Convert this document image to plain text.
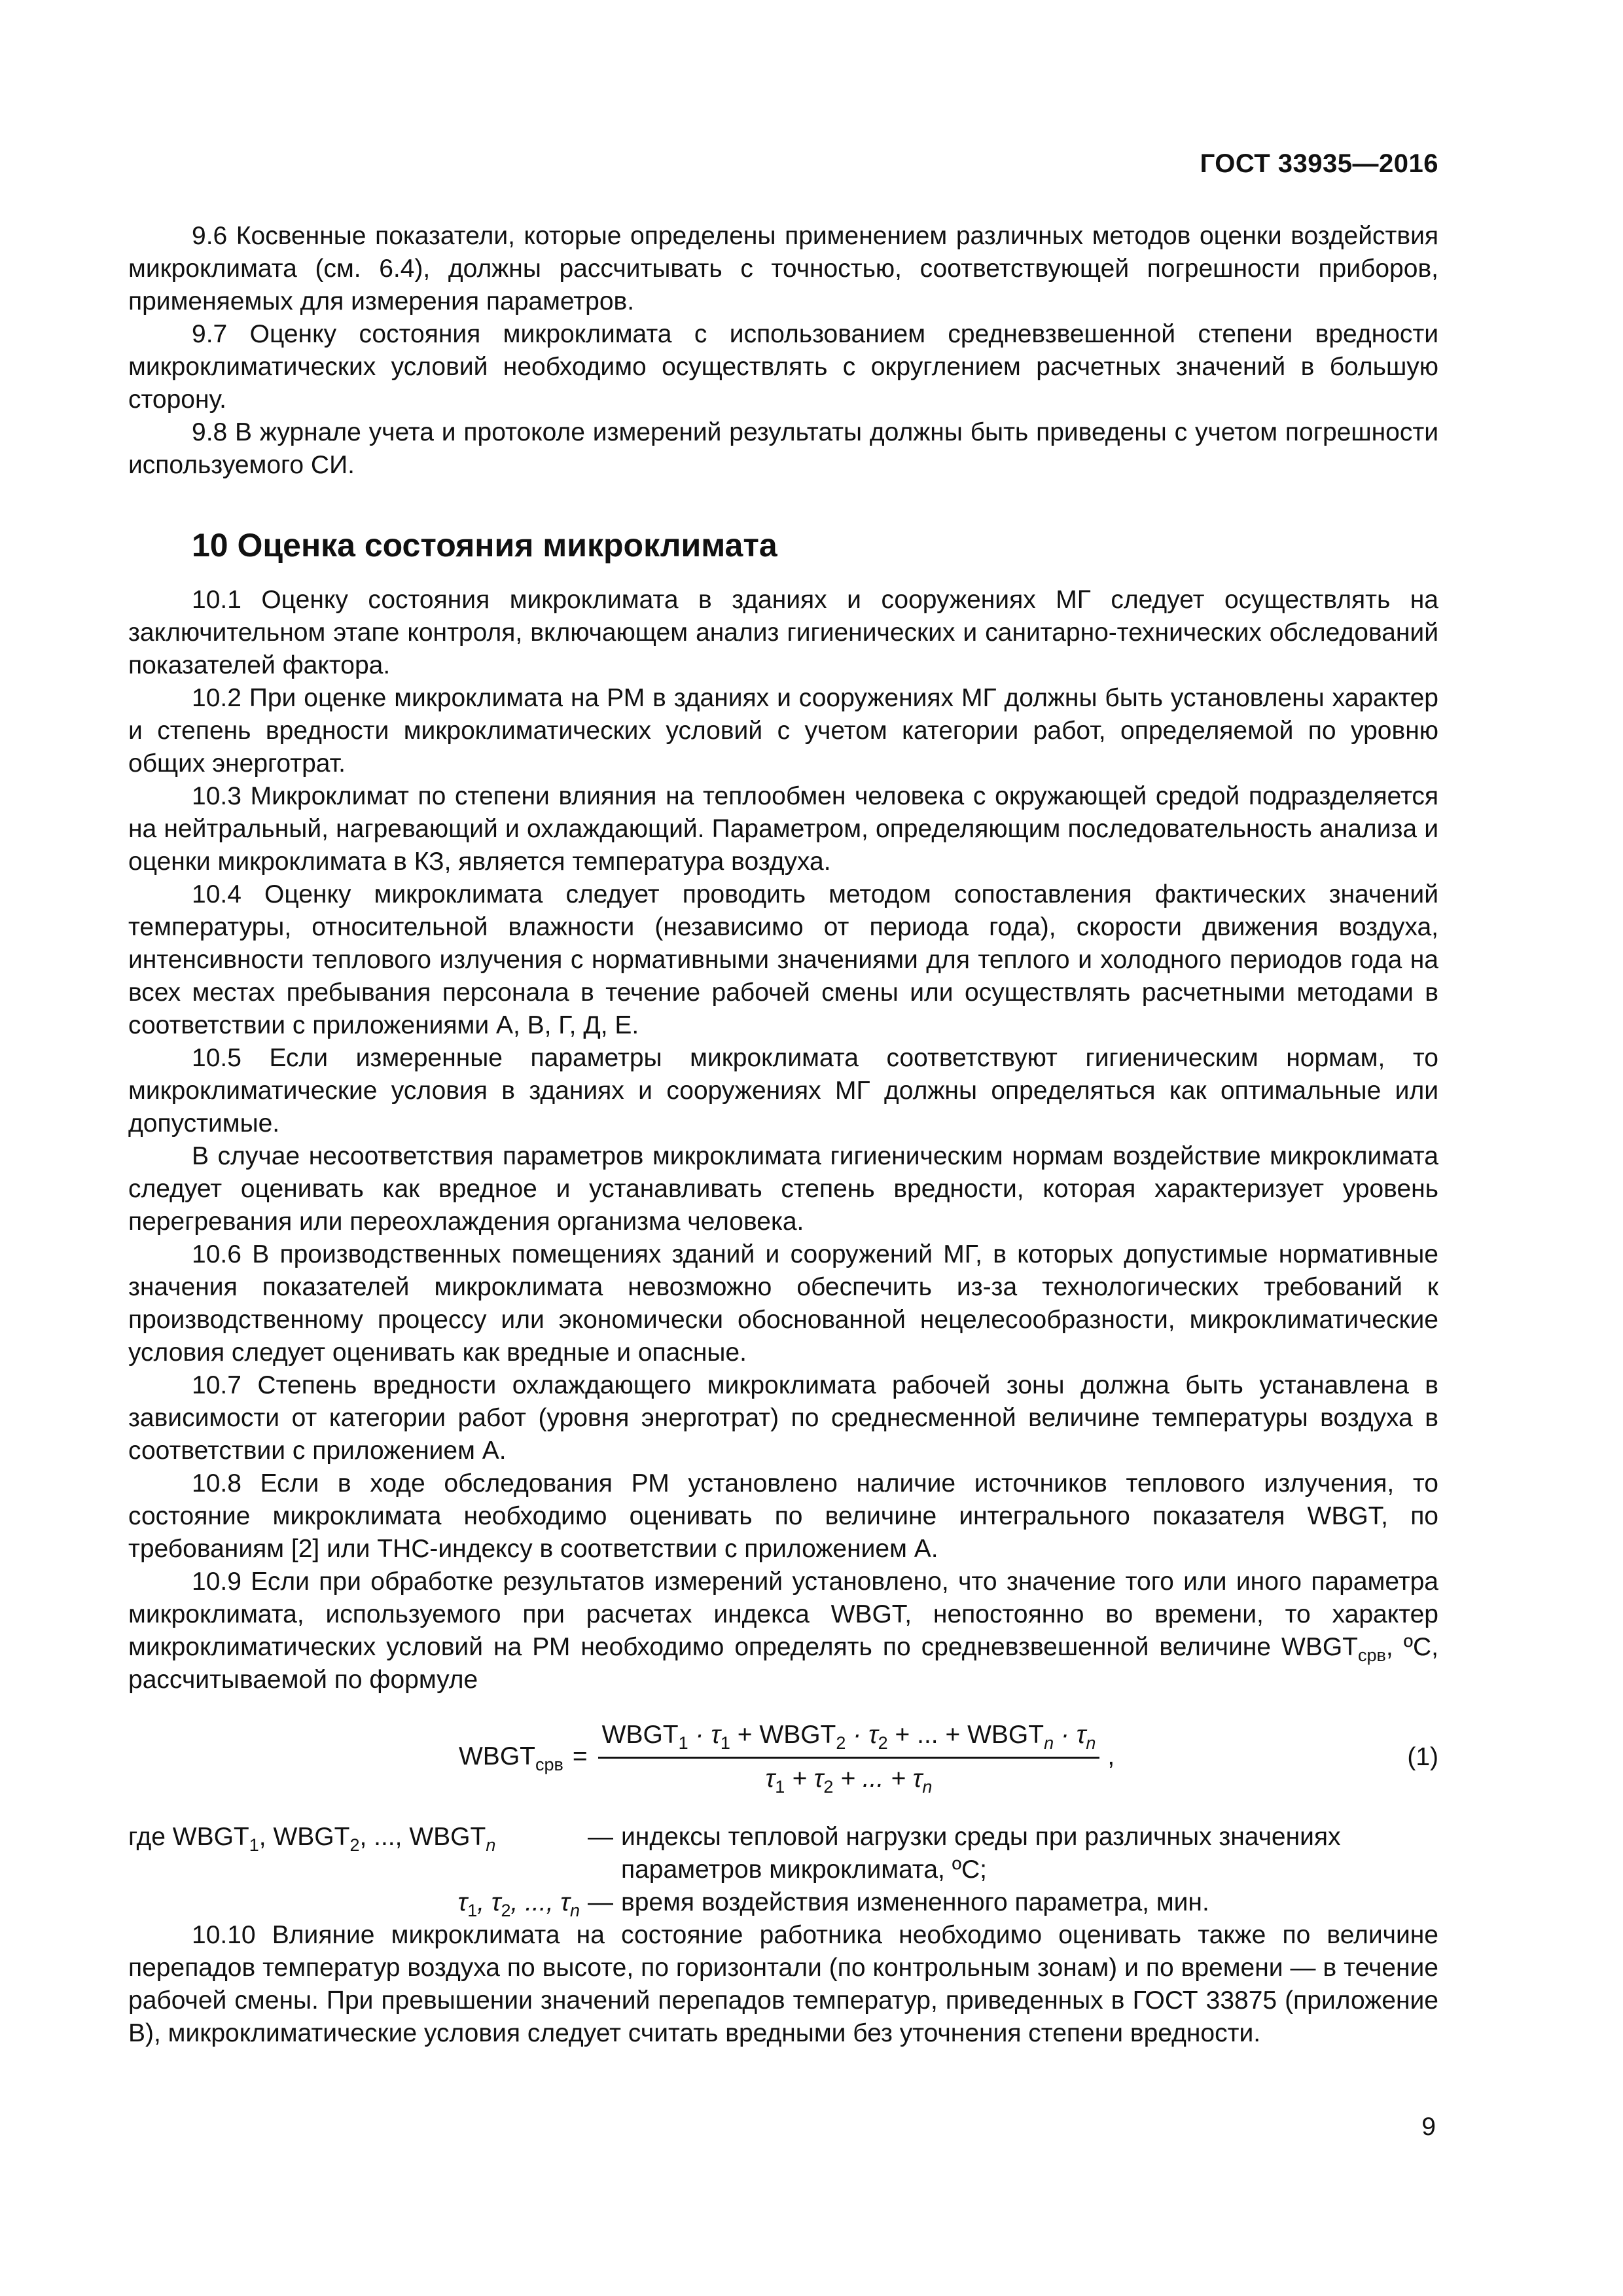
ГОСТ 33935—2016

9.6 Косвенные показатели, которые определены применением различных методов оценки воздействия микроклимата (см. 6.4), должны рассчитывать с точностью, соответствующей погрешности приборов, применяемых для измерения параметров.

9.7 Оценку состояния микроклимата с использованием средневзвешенной степени вредности микроклиматических условий необходимо осуществлять с округлением расчетных значений в большую сторону.

9.8 В журнале учета и протоколе измерений результаты должны быть приведены с учетом погрешности используемого СИ.

10 Оценка состояния микроклимата

10.1 Оценку состояния микроклимата в зданиях и сооружениях МГ следует осуществлять на заключительном этапе контроля, включающем анализ гигиенических и санитарно-технических обследований показателей фактора.

10.2 При оценке микроклимата на РМ в зданиях и сооружениях МГ должны быть установлены характер и степень вредности микроклиматических условий с учетом категории работ, определяемой по уровню общих энерготрат.

10.3 Микроклимат по степени влияния на теплообмен человека с окружающей средой подразделяется на нейтральный, нагревающий и охлаждающий. Параметром, определяющим последовательность анализа и оценки микроклимата в КЗ, является температура воздуха.

10.4 Оценку микроклимата следует проводить методом сопоставления фактических значений температуры, относительной влажности (независимо от периода года), скорости движения воздуха, интенсивности теплового излучения с нормативными значениями для теплого и холодного периодов года на всех местах пребывания персонала в течение рабочей смены или осуществлять расчетными методами в соответствии с приложениями А, В, Г, Д, Е.

10.5 Если измеренные параметры микроклимата соответствуют гигиеническим нормам, то микроклиматические условия в зданиях и сооружениях МГ должны определяться как оптимальные или допустимые.

В случае несоответствия параметров микроклимата гигиеническим нормам воздействие микроклимата следует оценивать как вредное и устанавливать степень вредности, которая характеризует уровень перегревания или переохлаждения организма человека.

10.6 В производственных помещениях зданий и сооружений МГ, в которых допустимые нормативные значения показателей микроклимата невозможно обеспечить из-за технологических требований к производственному процессу или экономически обоснованной нецелесообразности, микроклиматические условия следует оценивать как вредные и опасные.

10.7 Степень вредности охлаждающего микроклимата рабочей зоны должна быть устанавлена в зависимости от категории работ (уровня энерготрат) по среднесменной величине температуры воздуха в соответствии с приложением А.

10.8 Если в ходе обследования РМ установлено наличие источников теплового излучения, то состояние микроклимата необходимо оценивать по величине интегрального показателя WBGT, по требованиям [2] или ТНС-индексу в соответствии с приложением А.

10.9 Если при обработке результатов измерений установлено, что значение того или иного параметра микроклимата, используемого при расчетах индекса WBGT, непостоянно во времени, то характер микроклиматических условий на РМ необходимо определять по средневзвешенной величине $WBGT_{срв}$, ºС, рассчитываемой по формуле

$WBGT_{срв} = \frac{WBGT_1 \cdot \tau_1 + WBGT_2 \cdot \tau_2 + ... + WBGT_n \cdot \tau_n}{\tau_1 + \tau_2 + ... + \tau_n}$ ,	(1)
где $WBGT_1$, $WBGT_2$, ..., $WBGT_n$	— индексы тепловой нагрузки среды при различных значениях параметров микроклимата, ºС;
$\tau_1$, $\tau_2$, ..., $\tau_n$ — время воздействия измененного параметра, мин.

10.10 Влияние микроклимата на состояние работника необходимо оценивать также по величине перепадов температур воздуха по высоте, по горизонтали (по контрольным зонам) и по времени — в течение рабочей смены. При превышении значений перепадов температур, приведенных в ГОСТ 33875 (приложение В), микроклиматические условия следует считать вредными без уточнения степени вредности.

9
